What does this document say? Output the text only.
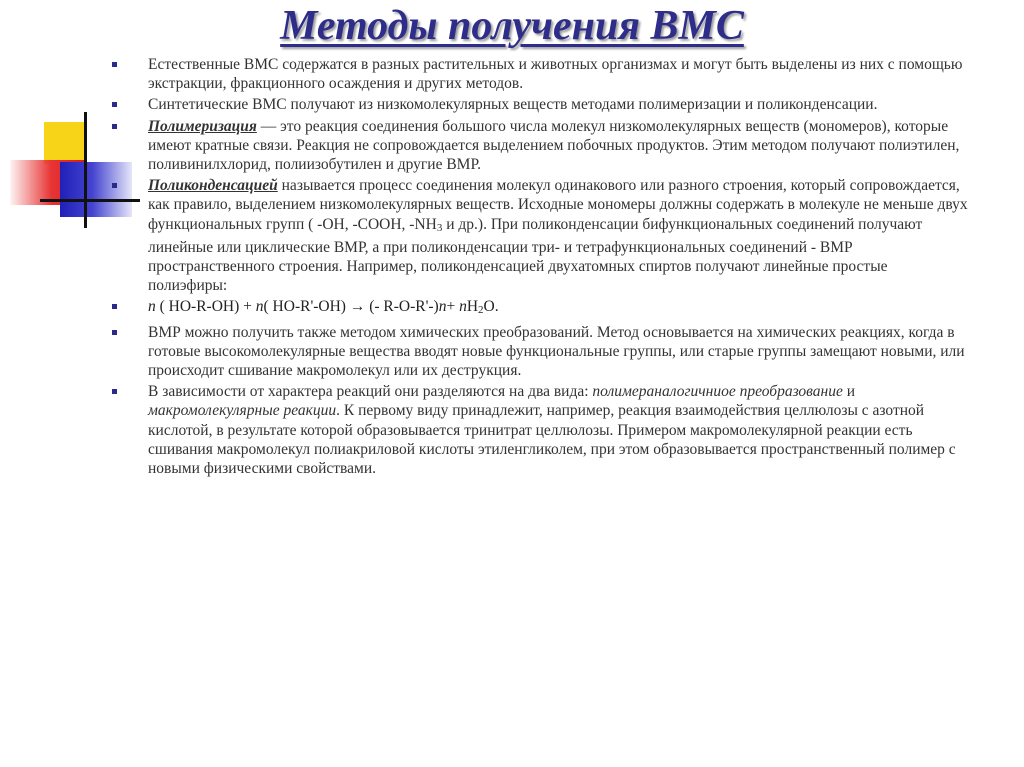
Методы получения ВМС
Естественные ВМС содержатся в разных растительных и животных организмах и могут быть выделены из них с помощью экстракции, фракционного осаждения и других методов.
Синтетические ВМС получают из низкомолекулярных веществ методами полимеризации и поликонденсации.
Полимеризация — это реакция соединения большого числа молекул низкомолекулярных веществ (мономеров), которые имеют кратные связи. Реакция не сопровождается выделением побочных продуктов. Этим методом получают полиэтилен, поливинилхлорид, полиизобутилен и другие ВМР.
Поликонденсацией называется процесс соединения молекул одинакового или разного строения, который сопровождается, как правило, выделением низкомолекулярных веществ. Исходные мономеры должны содержать в молекуле не меньше двух функциональных групп ( -ОН, -СООН, -NH3 и др.). При поликонденсации бифункциональных соединений получают линейные или циклические ВМР, а при поликонденсации три- и тетрафункциональных соединений - ВМР пространственного строения. Например, поликонденсацией двухатомных спиртов получают линейные простые полиэфиры:
n ( HO-R-OH) + n( HO-R'-OH) → (- R-O-R'-)n+ nH2O.
ВМР можно получить также методом химических преобразований. Метод основывается на химических реакциях, когда в готовые высокомолекулярные вещества вводят новые функциональные группы, или старые группы замещают новыми, или происходит сшивание макромолекул или их деструкция.
В зависимости от характера реакций они разделяются на два вида: полимераналогичниое преобразование и макромолекулярные реакции. К первому виду принадлежит, например, реакция взаимодействия целлюлозы с азотной кислотой, в результате которой образовывается тринитрат целлюлозы. Примером макромолекулярной реакции есть сшивания макромолекул полиакриловой кислоты этиленгликолем, при этом образовывается пространственный полимер с новыми физическими свойствами.
